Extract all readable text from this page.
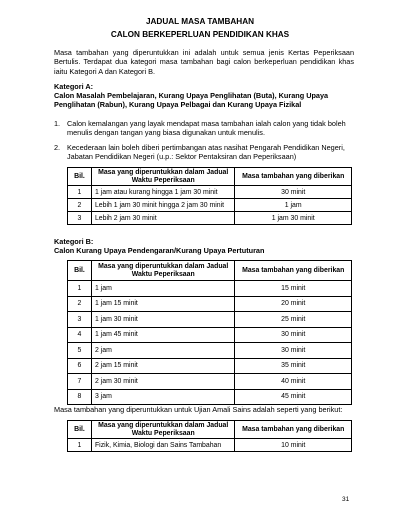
JADUAL MASA TAMBAHAN
CALON BERKEPERLUAN PENDIDIKAN KHAS
Masa tambahan yang diperuntukkan ini adalah untuk semua jenis Kertas Peperiksaan Bertulis. Terdapat dua kategori masa tambahan bagi calon berkeperluan pendidikan khas iaitu Kategori A dan Kategori B.
Kategori A:
Calon Masalah Pembelajaran, Kurang Upaya Penglihatan (Buta), Kurang Upaya Penglihatan (Rabun), Kurang Upaya Pelbagai dan Kurang Upaya Fizikal
1. Calon kemalangan yang layak mendapat masa tambahan ialah calon yang tidak boleh menulis dengan tangan yang biasa digunakan untuk menulis.
2. Kecederaan lain boleh diberi pertimbangan atas nasihat Pengarah Pendidikan Negeri, Jabatan Pendidikan Negeri (u.p.: Sektor Pentaksiran dan Peperiksaan)
Bil.	Masa yang diperuntukkan dalam Jadual Waktu Peperiksaan	Masa tambahan yang diberikan
1	1 jam atau kurang hingga 1 jam 30 minit	30 minit
2	Lebih 1 jam 30 minit hingga 2 jam 30 minit	1 jam
3	Lebih 2 jam 30 minit	1 jam 30 minit
Kategori B:
Calon Kurang Upaya Pendengaran/Kurang Upaya Pertuturan
Bil.	Masa yang diperuntukkan dalam Jadual Waktu Peperiksaan	Masa tambahan yang diberikan
1	1 jam	15 minit
2	1 jam 15 minit	20 minit
3	1 jam 30 minit	25 minit
4	1 jam 45 minit	30 minit
5	2 jam	30 minit
6	2 jam 15 minit	35 minit
7	2 jam 30 minit	40 minit
8	3 jam	45 minit
Masa tambahan yang diperuntukkan untuk Ujian Amali Sains adalah seperti yang berikut:
Bil.	Masa yang diperuntukkan dalam Jadual Waktu Peperiksaan	Masa tambahan yang diberikan
1	Fizik, Kimia, Biologi dan Sains Tambahan	10 minit
31
